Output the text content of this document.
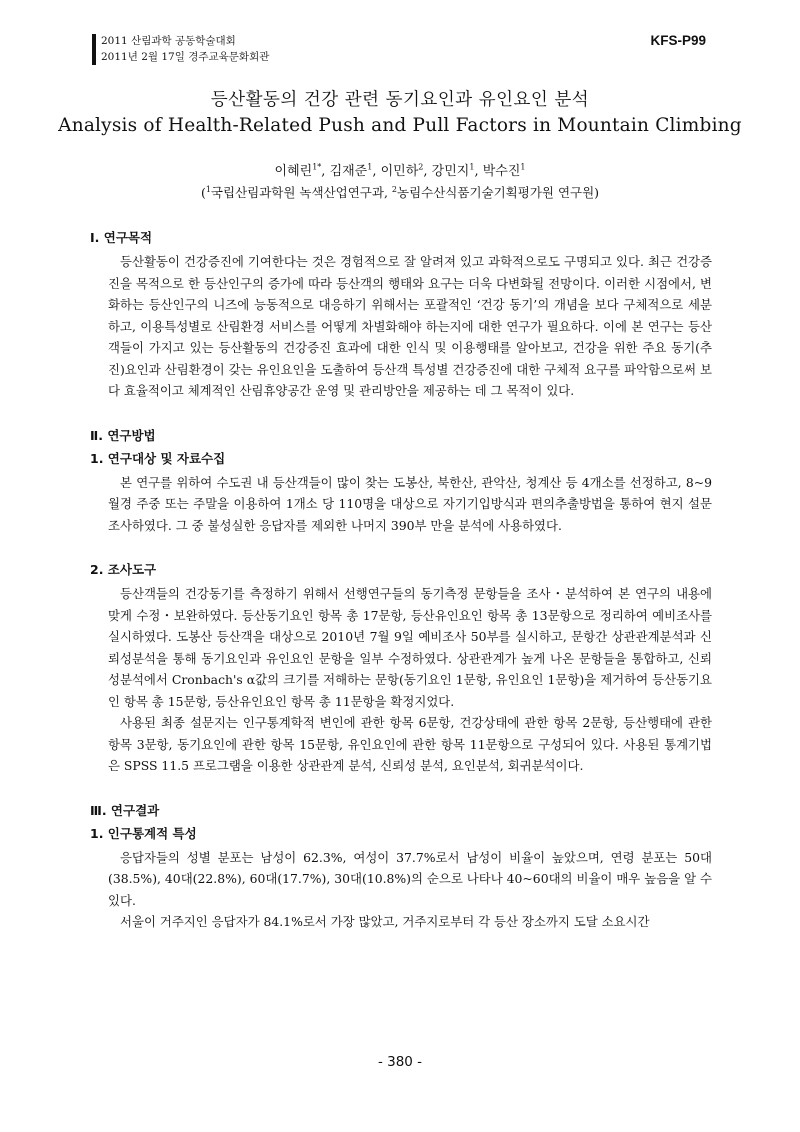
2011 산림과학 공동학술대회
2011년 2월 17일 경주교육문화회관
KFS-P99
등산활동의 건강 관련 동기요인과 유인요인 분석
Analysis of Health-Related Push and Pull Factors in Mountain Climbing
이혜린$^{1*}$, 김재준$^1$, 이민하$^2$, 강민지$^1$, 박수진$^1$
($^1$국립산림과학원 녹색산업연구과, $^2$농림수산식품기술기획평가원 연구원)
Ⅰ. 연구목적

등산활동이 건강증진에 기여한다는 것은 경험적으로 잘 알려져 있고 과학적으로도 구명되고 있다. 최근 건강증진을 목적으로 한 등산인구의 증가에 따라 등산객의 행태와 요구는 더욱 다변화될 전망이다. 이러한 시점에서, 변화하는 등산인구의 니즈에 능동적으로 대응하기 위해서는 포괄적인 ‘건강 동기’의 개념을 보다 구체적으로 세분하고, 이용특성별로 산림환경 서비스를 어떻게 차별화해야 하는지에 대한 연구가 필요하다. 이에 본 연구는 등산객들이 가지고 있는 등산활동의 건강증진 효과에 대한 인식 및 이용행태를 알아보고, 건강을 위한 주요 동기(추진)요인과 산림환경이 갖는 유인요인을 도출하여 등산객 특성별 건강증진에 대한 구체적 요구를 파악함으로써 보다 효율적이고 체계적인 산림휴양공간 운영 및 관리방안을 제공하는 데 그 목적이 있다.

Ⅱ. 연구방법
1. 연구대상 및 자료수집

본 연구를 위하여 수도권 내 등산객들이 많이 찾는 도봉산, 북한산, 관악산, 청계산 등 4개소를 선정하고, 8~9월경 주중 또는 주말을 이용하여 1개소 당 110명을 대상으로 자기기입방식과 편의추출방법을 통하여 현지 설문조사하였다. 그 중 불성실한 응답자를 제외한 나머지 390부 만을 분석에 사용하였다.

2. 조사도구

등산객들의 건강동기를 측정하기 위해서 선행연구들의 동기측정 문항들을 조사・분석하여 본 연구의 내용에 맞게 수정・보완하였다. 등산동기요인 항목 총 17문항, 등산유인요인 항목 총 13문항으로 정리하여 예비조사를 실시하였다. 도봉산 등산객을 대상으로 2010년 7월 9일 예비조사 50부를 실시하고, 문항간 상관관계분석과 신뢰성분석을 통해 동기요인과 유인요인 문항을 일부 수정하였다. 상관관계가 높게 나온 문항들을 통합하고, 신뢰성분석에서 Cronbach's α값의 크기를 저해하는 문항(동기요인 1문항, 유인요인 1문항)을 제거하여 등산동기요인 항목 총 15문항, 등산유인요인 항목 총 11문항을 확정지었다.

사용된 최종 설문지는 인구통계학적 변인에 관한 항목 6문항, 건강상태에 관한 항목 2문항, 등산행태에 관한 항목 3문항, 동기요인에 관한 항목 15문항, 유인요인에 관한 항목 11문항으로 구성되어 있다. 사용된 통계기법은 SPSS 11.5 프로그램을 이용한 상관관계 분석, 신뢰성 분석, 요인분석, 회귀분석이다.

Ⅲ. 연구결과
1. 인구통계적 특성

응답자들의 성별 분포는 남성이 62.3%, 여성이 37.7%로서 남성이 비율이 높았으며, 연령 분포는 50대(38.5%), 40대(22.8%), 60대(17.7%), 30대(10.8%)의 순으로 나타나 40~60대의 비율이 매우 높음을 알 수 있다.

서울이 거주지인 응답자가 84.1%로서 가장 많았고, 거주지로부터 각 등산 장소까지 도달 소요시간

- 380 -
